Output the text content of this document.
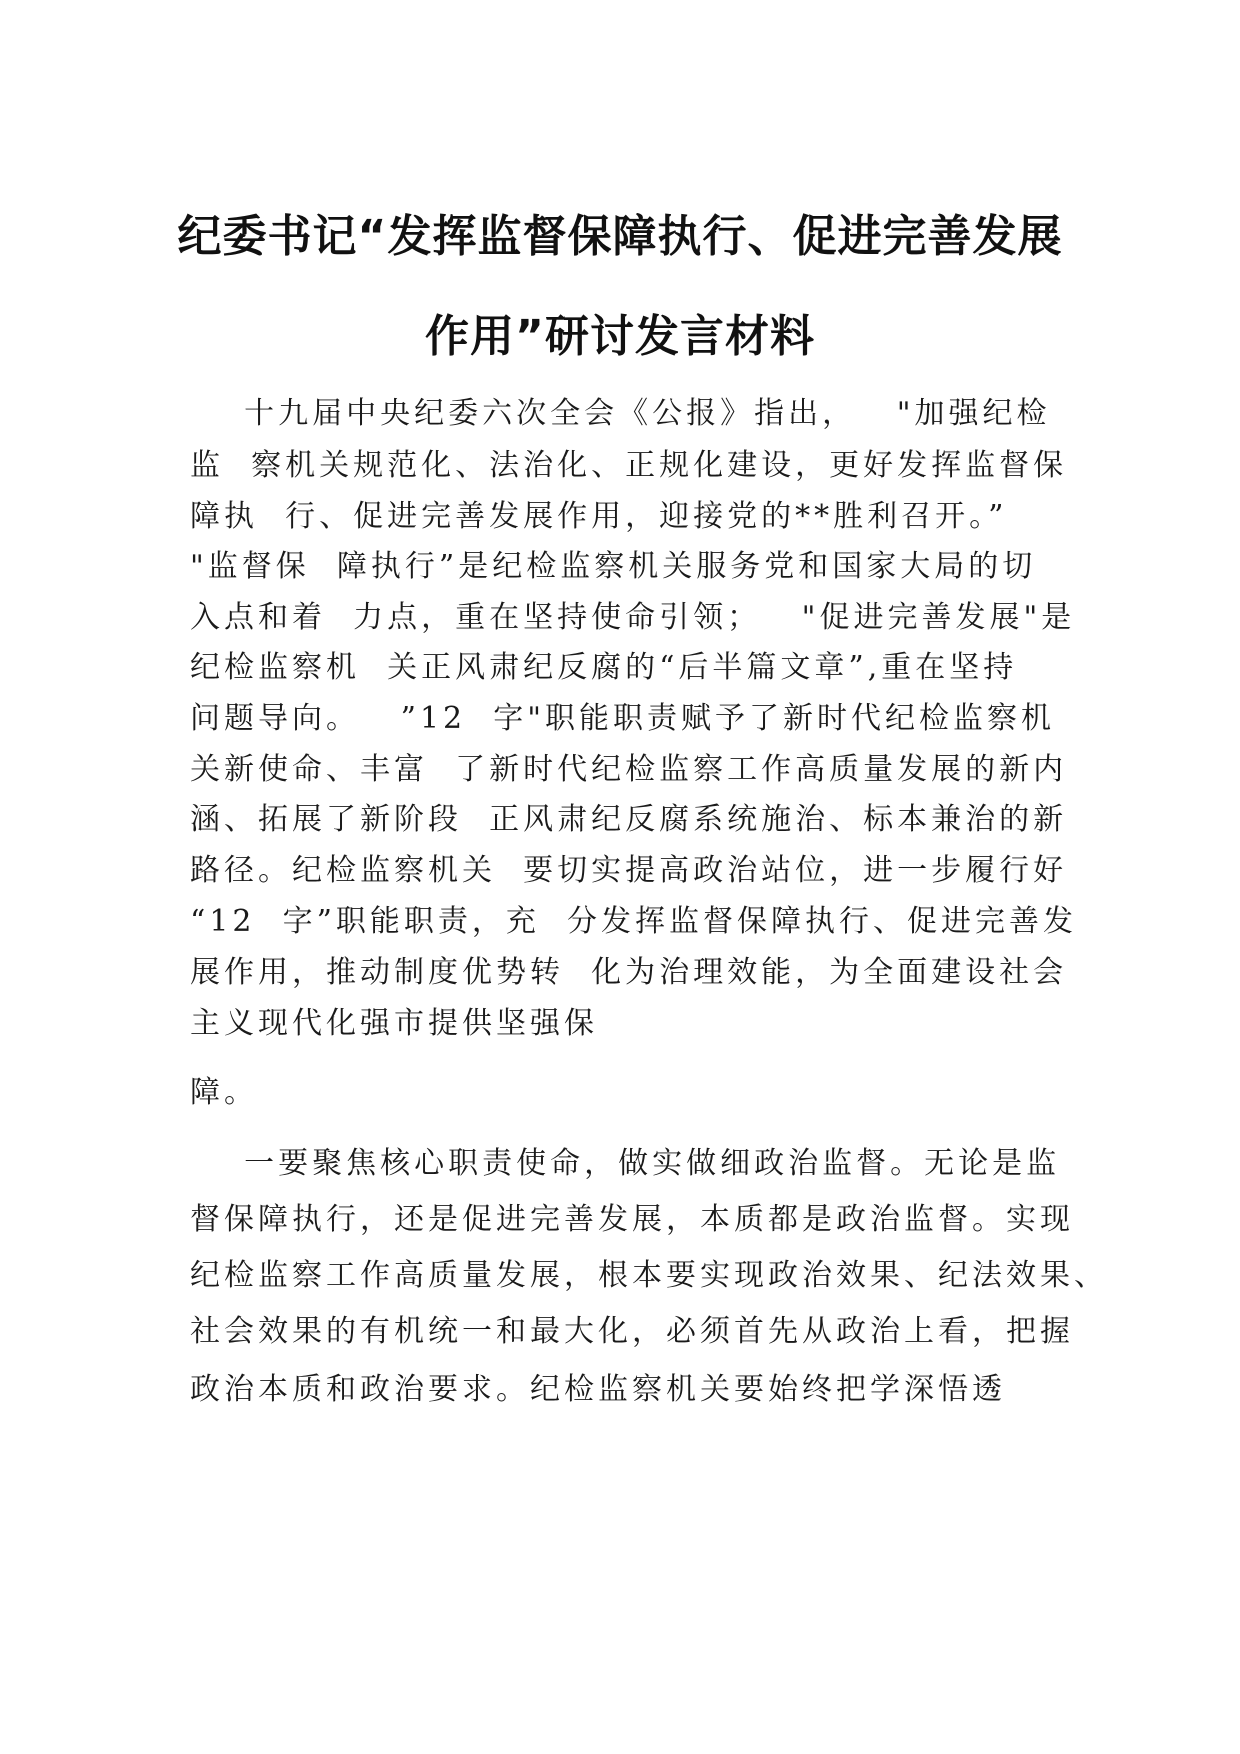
纪委书记“发挥监督保障执行、促进完善发展
作用”研讨发言材料
十九届中央纪委六次全会《公报》指出，   "加强纪检
监  察机关规范化、法治化、正规化建设，更好发挥监督保
障执  行、促进完善发展作用，迎接党的**胜利召开。”
"监督保  障执行”是纪检监察机关服务党和国家大局的切
入点和着  力点，重在坚持使命引领；   "促进完善发展"是
纪检监察机  关正风肃纪反腐的“后半篇文章”,重在坚持
问题导向。   ”12  字"职能职责赋予了新时代纪检监察机
关新使命、丰富  了新时代纪检监察工作高质量发展的新内
涵、拓展了新阶段  正风肃纪反腐系统施治、标本兼治的新
路径。纪检监察机关  要切实提高政治站位，进一步履行好
“12  字”职能职责，充  分发挥监督保障执行、促进完善发
展作用，推动制度优势转  化为治理效能，为全面建设社会
主义现代化强市提供坚强保
障。
一要聚焦核心职责使命，做实做细政治监督。无论是监
督保障执行，还是促进完善发展，本质都是政治监督。实现
纪检监察工作高质量发展，根本要实现政治效果、纪法效果、
社会效果的有机统一和最大化，必须首先从政治上看，把握
政治本质和政治要求。纪检监察机关要始终把学深悟透
